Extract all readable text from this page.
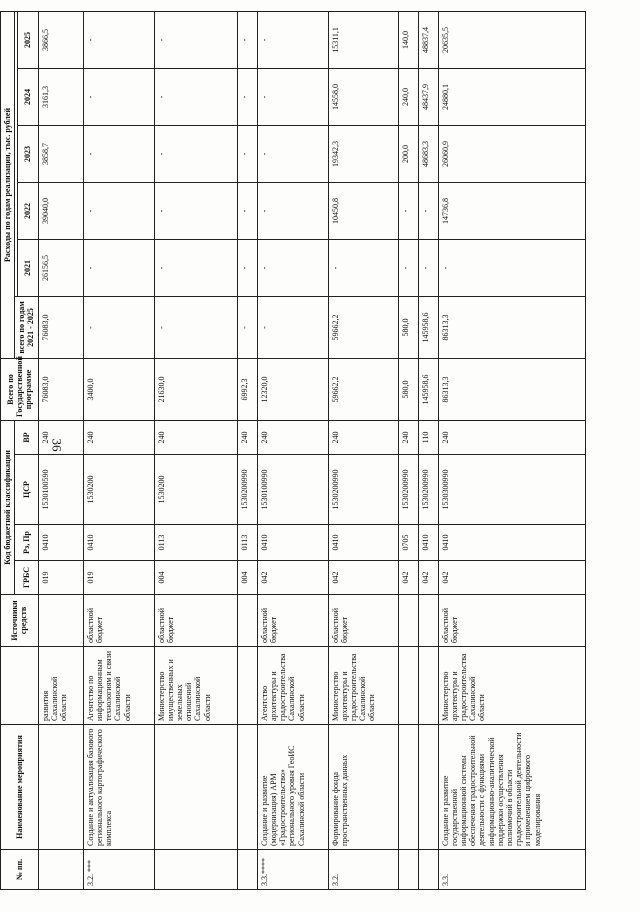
36
№ пп.	Наименование мероприятия		Источники средств	Код бюджетной классификации				Всего по Государственной программе	Расходы по годам реализации, тыс. рублей					
				ГРБС	Рз, Пр	ЦСР	ВР		всего по годам 2021 - 2025					
										2021	2022	2023	2024	2025
		развития Сахалинской области		019	0410	1530100590	240	76083,0	76083,0	26156,5	39040,0	3858,7	3161,3	3866,5
3.2. ***	Создание и актуализация базового регионального картографического комплекса	Агентство по информационным технологиям и связи Сахалинской области	областной бюджет	019	0410	1530200	240	3400,0	-	-	-	-	-	-
		Министерство имущественных и земельных отношений Сахалинской области	областной бюджет	004	0113	1530200	240	21630,0	-	-	-	-	-	-
				004	0113	1530200990	240	6992,3	-	-	-	-	-	-
3.3.****	Создание и развитие (модернизация) АРМ «Градостроительство» регионального уровня ГеоИС Сахалинской области	Агентство архитектуры и градостроительства Сахалинской области	областной бюджет	042	0410	1530100990	240	12320,0	-	-	-	-	-	-
3.2.	Формирование фонда пространственных данных	Министерство архитектуры и градостроительства Сахалинской области	областной бюджет	042	0410	1530200990	240	59662,2	59662,2	-	10450,8	19342,3	14558,0	15311,1
				042	0705	1530200990	240	580,0	580,0	-	-	200,0	240,0	140,0
				042	0410	1530200990	110	145958,6	145958,6	-	-	48683,3	48437,9	48837,4
3.3.	Создание и развитие государственной информационной системы обеспечения градостроительной деятельности с функциями информационно-аналитической поддержки осуществления полномочий в области градостроительной деятельности и применением цифрового моделирования	Министерство архитектуры и градостроительства Сахалинской области	областной бюджет	042	0410	1530300990	240	86313,3	86313,3	-	14736,8	26060,9	24880,1	20635,5
